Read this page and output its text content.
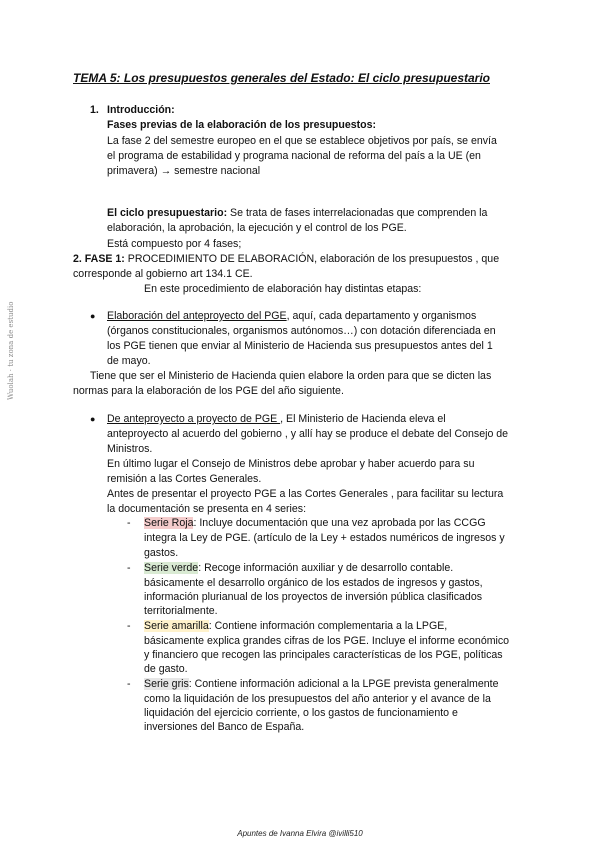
TEMA 5: Los presupuestos generales del Estado: El ciclo presupuestario
1. Introducción:
Fases previas de la elaboración de los presupuestos:
La fase 2 del semestre europeo en el que se establece objetivos por país, se envía
el programa de estabilidad y programa nacional de reforma del país a la UE (en
primavera) → semestre nacional
El ciclo presupuestario: Se trata de fases interrelacionadas que comprenden la
elaboración, la aprobación, la ejecución y el control de los PGE.
Está compuesto por 4 fases;
2. FASE 1: PROCEDIMIENTO DE ELABORACIÓN, elaboración de los presupuestos , que
corresponde al gobierno art 134.1 CE.
En este procedimiento de elaboración hay distintas etapas:
● Elaboración del anteproyecto del PGE, aquí, cada departamento y organismos
(órganos constitucionales, organismos autónomos…) con dotación diferenciada en
los PGE tienen que enviar al Ministerio de Hacienda sus presupuestos antes del 1
de mayo.
Tiene que ser el Ministerio de Hacienda quien elabore la orden para que se dicten las
normas para la elaboración de los PGE del año siguiente.
● De anteproyecto a proyecto de PGE , El Ministerio de Hacienda eleva el
anteproyecto al acuerdo del gobierno , y allí hay se produce el debate del Consejo de
Ministros.
En último lugar el Consejo de Ministros debe aprobar y haber acuerdo para su
remisión a las Cortes Generales.
Antes de presentar el proyecto PGE a las Cortes Generales , para facilitar su lectura
la documentación se presenta en 4 series:
- Serie Roja: Incluye documentación que una vez aprobada por las CCGG
integra la Ley de PGE. (artículo de la Ley + estados numéricos de ingresos y
gastos.
- Serie verde: Recoge información auxiliar y de desarrollo contable.
básicamente el desarrollo orgánico de los estados de ingresos y gastos,
información plurianual de los proyectos de inversión pública clasificados
territorialmente.
- Serie amarilla: Contiene información complementaria a la LPGE,
básicamente explica grandes cifras de los PGE. Incluye el informe económico
y financiero que recogen las principales características de los PGE, políticas
de gasto.
- Serie gris: Contiene información adicional a la LPGE prevista generalmente
como la liquidación de los presupuestos del año anterior y el avance de la
liquidación del ejercicio corriente, o los gastos de funcionamiento e
inversiones del Banco de España.
Wuolah · tu zona de estudio
Apuntes de Ivanna Elvira @ivilli510
